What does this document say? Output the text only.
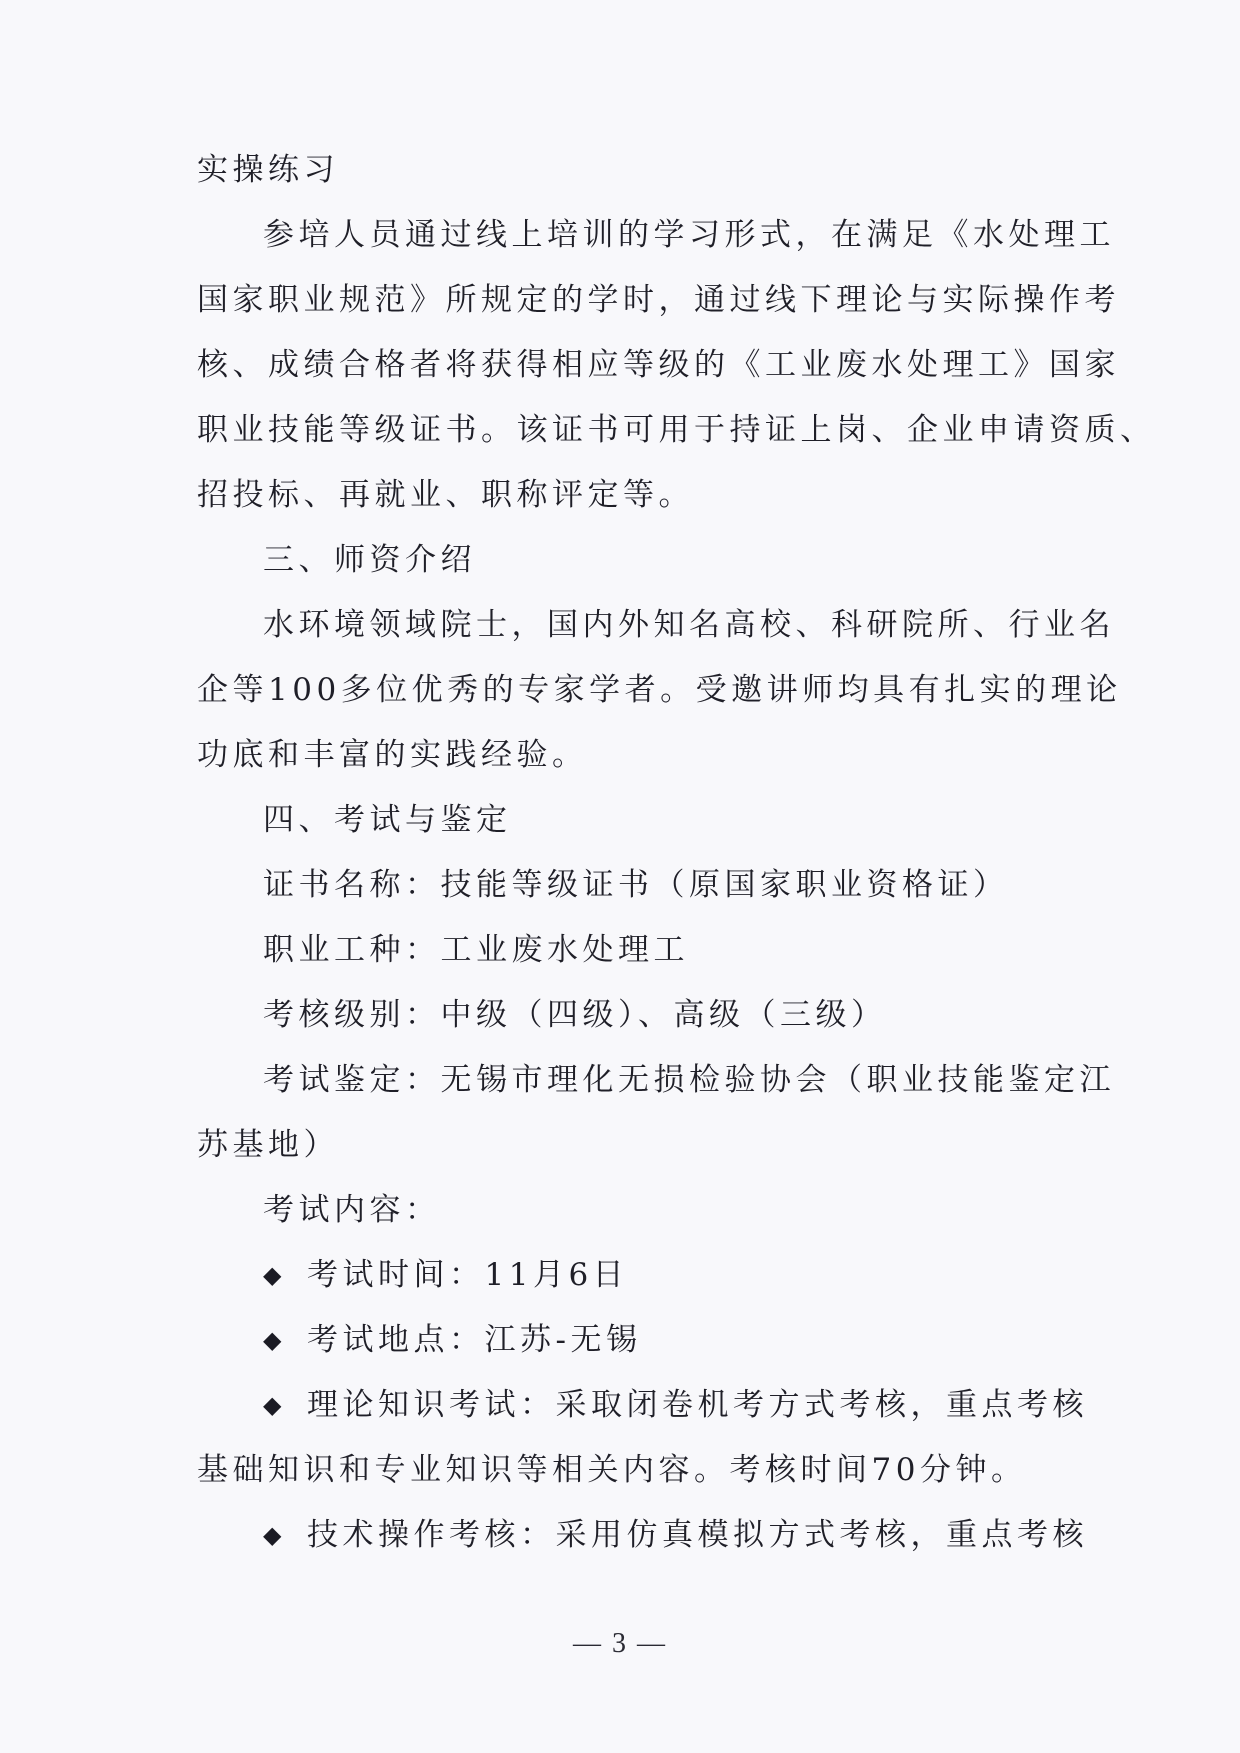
实操练习
参培人员通过线上培训的学习形式，在满足《水处理工
国家职业规范》所规定的学时，通过线下理论与实际操作考
核、成绩合格者将获得相应等级的《工业废水处理工》国家
职业技能等级证书。该证书可用于持证上岗、企业申请资质、
招投标、再就业、职称评定等。
三、师资介绍
水环境领域院士，国内外知名高校、科研院所、行业名
企等100多位优秀的专家学者。受邀讲师均具有扎实的理论
功底和丰富的实践经验。
四、考试与鉴定
证书名称：技能等级证书（原国家职业资格证）
职业工种：工业废水处理工
考核级别：中级（四级）、高级（三级）
考试鉴定：无锡市理化无损检验协会（职业技能鉴定江
苏基地）
考试内容：
◆ 考试时间：11月6日
◆ 考试地点：江苏-无锡
◆ 理论知识考试：采取闭卷机考方式考核，重点考核
基础知识和专业知识等相关内容。考核时间70分钟。
◆ 技术操作考核：采用仿真模拟方式考核，重点考核
— 3 —
